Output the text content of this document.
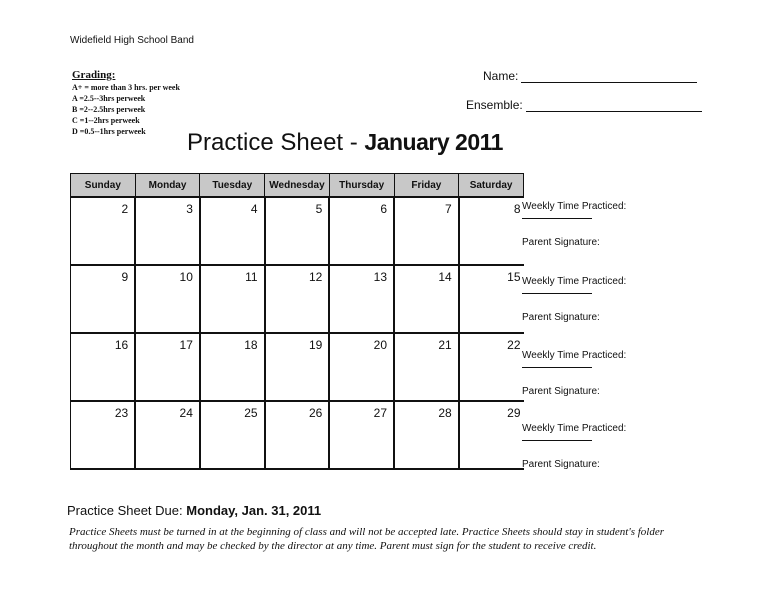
Widefield High School Band
Grading:
A+ = more than 3 hrs. per week
A =2.5--3hrs perweek
B =2--2.5hrs perweek
C =1--2hrs perweek
D =0.5--1hrs perweek
Name:
Ensemble:
Practice Sheet - January 2011
Sunday	Monday	Tuesday	Wednesday	Thursday	Friday	Saturday
2	3	4	5	6	7	8
9	10	11	12	13	14	15
16	17	18	19	20	21	22
23	24	25	26	27	28	29
Weekly Time Practiced:
Parent Signature:
Weekly Time Practiced:
Parent Signature:
Weekly Time Practiced:
Parent Signature:
Weekly Time Practiced:
Parent Signature:
Practice Sheet Due: Monday, Jan. 31, 2011
Practice Sheets must be turned in at the beginning of class and will not be accepted late. Practice Sheets should stay in student's folder throughout the month and may be checked by the director at any time. Parent must sign for the student to receive credit.
